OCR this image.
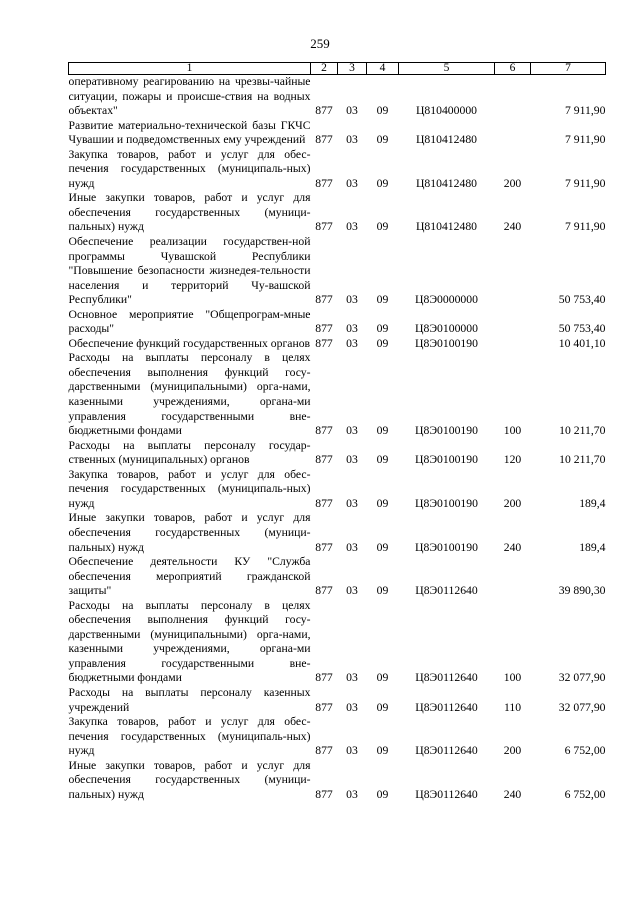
259
1	2	3	4	5	6	7
оперативному реагированию на чрезвы-чайные ситуации, пожары и происше-ствия на водных объектах"	877	03	09	Ц810400000		7 911,90
Развитие материально-технической базы ГКЧС Чувашии и подведомственных ему учреждений	877	03	09	Ц810412480		7 911,90
Закупка товаров, работ и услуг для обес-печения государственных (муниципаль-ных) нужд	877	03	09	Ц810412480	200	7 911,90
Иные закупки товаров, работ и услуг для обеспечения государственных (муници-пальных) нужд	877	03	09	Ц810412480	240	7 911,90
Обеспечение реализации государствен-ной программы Чувашской Республики "Повышение безопасности жизнедея-тельности населения и территорий Чу-вашской Республики"	877	03	09	Ц8Э0000000		50 753,40
Основное мероприятие "Общепрограм-мные расходы"	877	03	09	Ц8Э0100000		50 753,40
Обеспечение функций государственных органов	877	03	09	Ц8Э0100190		10 401,10
Расходы на выплаты персоналу в целях обеспечения выполнения функций госу-дарственными (муниципальными) орга-нами, казенными учреждениями, органа-ми управления государственными вне-бюджетными фондами	877	03	09	Ц8Э0100190	100	10 211,70
Расходы на выплаты персоналу государ-ственных (муниципальных) органов	877	03	09	Ц8Э0100190	120	10 211,70
Закупка товаров, работ и услуг для обес-печения государственных (муниципаль-ных) нужд	877	03	09	Ц8Э0100190	200	189,4
Иные закупки товаров, работ и услуг для обеспечения государственных (муници-пальных) нужд	877	03	09	Ц8Э0100190	240	189,4
Обеспечение деятельности КУ "Служба обеспечения мероприятий гражданской защиты"	877	03	09	Ц8Э0112640		39 890,30
Расходы на выплаты персоналу в целях обеспечения выполнения функций госу-дарственными (муниципальными) орга-нами, казенными учреждениями, органа-ми управления государственными вне-бюджетными фондами	877	03	09	Ц8Э0112640	100	32 077,90
Расходы на выплаты персоналу казенных учреждений	877	03	09	Ц8Э0112640	110	32 077,90
Закупка товаров, работ и услуг для обес-печения государственных (муниципаль-ных) нужд	877	03	09	Ц8Э0112640	200	6 752,00
Иные закупки товаров, работ и услуг для обеспечения государственных (муници-пальных) нужд	877	03	09	Ц8Э0112640	240	6 752,00
